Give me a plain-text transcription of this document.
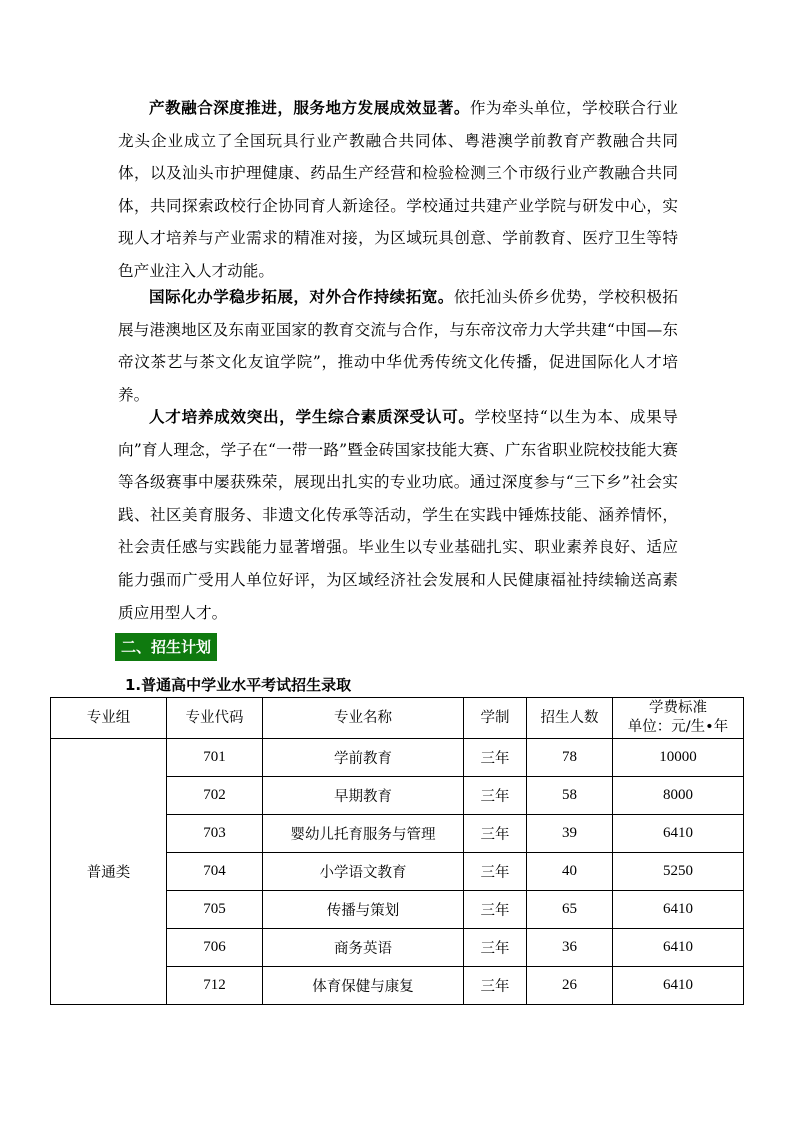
产教融合深度推进，服务地方发展成效显著。作为牵头单位，学校联合行业龙头企业成立了全国玩具行业产教融合共同体、粤港澳学前教育产教融合共同体，以及汕头市护理健康、药品生产经营和检验检测三个市级行业产教融合共同体，共同探索政校行企协同育人新途径。学校通过共建产业学院与研发中心，实现人才培养与产业需求的精准对接，为区域玩具创意、学前教育、医疗卫生等特色产业注入人才动能。

国际化办学稳步拓展，对外合作持续拓宽。依托汕头侨乡优势，学校积极拓展与港澳地区及东南亚国家的教育交流与合作，与东帝汶帝力大学共建“中国—东帝汶茶艺与茶文化友谊学院”，推动中华优秀传统文化传播，促进国际化人才培养。

人才培养成效突出，学生综合素质深受认可。学校坚持“以生为本、成果导向”育人理念，学子在“一带一路”暨金砖国家技能大赛、广东省职业院校技能大赛等各级赛事中屡获殊荣，展现出扎实的专业功底。通过深度参与“三下乡”社会实践、社区美育服务、非遗文化传承等活动，学生在实践中锤炼技能、涵养情怀，社会责任感与实践能力显著增强。毕业生以专业基础扎实、职业素养良好、适应能力强而广受用人单位好评，为区域经济社会发展和人民健康福祉持续输送高素质应用型人才。

二、招生计划
1.普通高中学业水平考试招生录取
专业组	专业代码	专业名称	学制	招生人数	学费标准
单位：元/生•年

普通类	701	学前教育	三年	78	10000
	702	早期教育	三年	58	8000
	703	婴幼儿托育服务与管理	三年	39	6410
	704	小学语文教育	三年	40	5250
	705	传播与策划	三年	65	6410
	706	商务英语	三年	36	6410
	712	体育保健与康复	三年	26	6410
